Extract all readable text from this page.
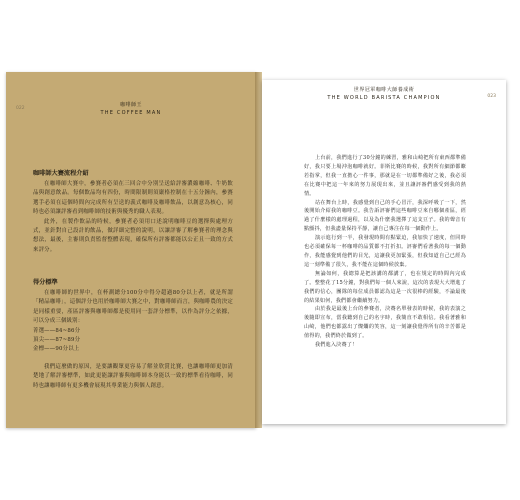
咖啡師王
THE COFFEE MAN
022
咖啡師大賽流程介紹

在咖啡師大賽中，參賽者必須在三回合中分別呈送給評審濃縮咖啡、牛奶飲品與創意飲品。每個飲品均有四份，時間限制則須嚴格控制在十五分鐘內，參賽選手必須在這個時間內完成所有呈送的義式咖啡及咖啡飲品，以創意為核心，同時也必須讓評審看到咖啡師的技術與優秀的職人表現。

此外，在製作飲品的時候，參賽者必須用口述說明咖啡豆的選擇與處理方式，並針對自己設計的飲品，做詳細完整的說明，以讓評審了解參賽者的理念與想法，最後，主審則負責監督整體表現，確保所有評審都能以公正且一致的方式來評分。

得分標準

在咖啡師的世界中，在杯測總分100分中得分超過80分以上者，就是所謂「精品咖啡」，這個評分也用於咖啡師大賽之中，對咖啡師而言，與咖啡農的決定是同樣重要，產區評審與咖啡師都是使用同一套評分標準，以作為評分之依據，可以分成三個級別：

菁選——84~86分

頂尖——87~89分

金標——90分以上

我們這麼做的原因，是要讓觀眾更容易了解並欣賞比賽，也讓咖啡師更加清楚地了解評審標準，如此更能讓評審與咖啡師本身能以一致的標準看待咖啡，同時也讓咖啡師有更多機會展現其專業能力與個人創意。

世界冠軍咖啡大師養成術
THE WORLD BARISTA CHAMPION	023

上台前，我們進行了30分鐘的練習，雅和山崎把所有東西都準備好，我只要上場沖泡咖啡就好。菲斯比賽的時候，我對所有細節都瞭若指掌，但我一直擔心一件事，那就是在一切都準備好之後，我必須在比賽中把這一年來的努力展現出來，並且讓評審們感受到我的熱情。

站在舞台上時，我感覺到自己的手心冒汗，我深呼吸了一下，然後開始介紹我的咖啡豆。我告訴評審們這些咖啡豆來自哪個產區，經過了什麼樣的處理過程，以及為什麼我選擇了這支豆子。我的聲音有點顫抖，但我盡量保持平靜，讓自己專注在每一個動作上。

演示進行到一半，我發現時間有點緊迫，我加快了速度，但同時也必須確保每一杯咖啡的品質都不打折扣。評審們看著我的每一個動作，我能感覺到他們的目光，這讓我更加緊張，但我知道自己已經為這一刻準備了很久，我不能在這個時候放棄。

無論如何，我總算是把該講的都講了，也在規定的時間內完成了。整整花了15分鐘，對我們每一個人來說，這次的表現大大增進了我們的信心，團隊的每位成員都認為這是一次很棒的經驗，不論最後的結果如何，我們都會繼續努力。

由於我是最後上台的參賽者，決賽名單發表的時候，我的表演之後隨即宣布，當我聽到自己的名字時，我簡直不敢相信。我看著雅和山崎，他們也都露出了燦爛的笑容，這一刻讓我覺得所有的辛苦都是值得的，我們終於做到了。

我們進入決賽了！
